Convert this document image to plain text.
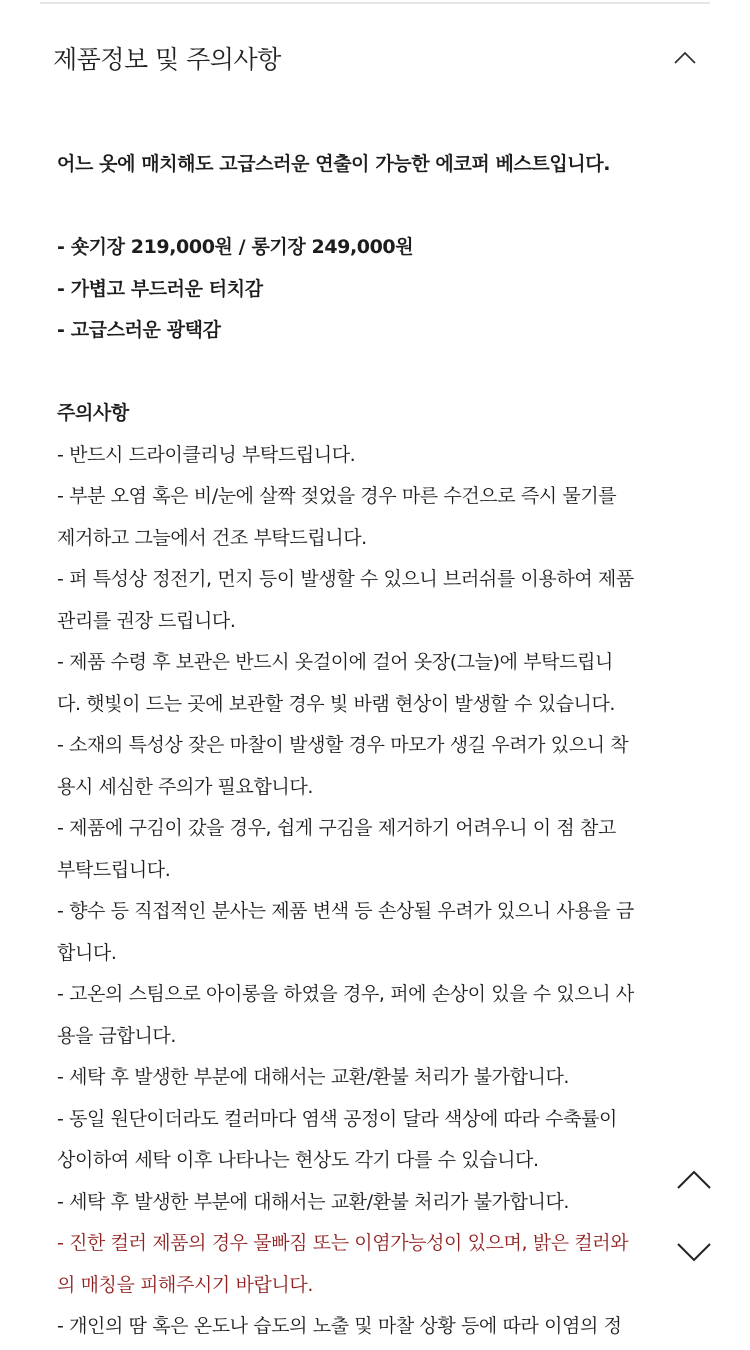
제품정보 및 주의사항
어느 옷에 매치해도 고급스러운 연출이 가능한 에코퍼 베스트입니다.
- 숏기장 219,000원 / 롱기장 249,000원
- 가볍고 부드러운 터치감
- 고급스러운 광택감
주의사항
- 반드시 드라이클리닝 부탁드립니다.
- 부분 오염 혹은 비/눈에 살짝 젖었을 경우 마른 수건으로 즉시 물기를
제거하고 그늘에서 건조 부탁드립니다.
- 퍼 특성상 정전기, 먼지 등이 발생할 수 있으니 브러쉬를 이용하여 제품
관리를 권장 드립니다.
- 제품 수령 후 보관은 반드시 옷걸이에 걸어 옷장(그늘)에 부탁드립니
다. 햇빛이 드는 곳에 보관할 경우 빛 바램 현상이 발생할 수 있습니다.
- 소재의 특성상 잦은 마찰이 발생할 경우 마모가 생길 우려가 있으니 착
용시 세심한 주의가 필요합니다.
- 제품에 구김이 갔을 경우, 쉽게 구김을 제거하기 어려우니 이 점 참고
부탁드립니다.
- 향수 등 직접적인 분사는 제품 변색 등 손상될 우려가 있으니 사용을 금
합니다.
- 고온의 스팀으로 아이롱을 하였을 경우, 퍼에 손상이 있을 수 있으니 사
용을 금합니다.
- 세탁 후 발생한 부분에 대해서는 교환/환불 처리가 불가합니다.
- 동일 원단이더라도 컬러마다 염색 공정이 달라 색상에 따라 수축률이
상이하여 세탁 이후 나타나는 현상도 각기 다를 수 있습니다.
- 세탁 후 발생한 부분에 대해서는 교환/환불 처리가 불가합니다.
- 진한 컬러 제품의 경우 물빠짐 또는 이염가능성이 있으며, 밝은 컬러와
의 매칭을 피해주시기 바랍니다.
- 개인의 땀 혹은 온도나 습도의 노출 및 마찰 상황 등에 따라 이염의 정
